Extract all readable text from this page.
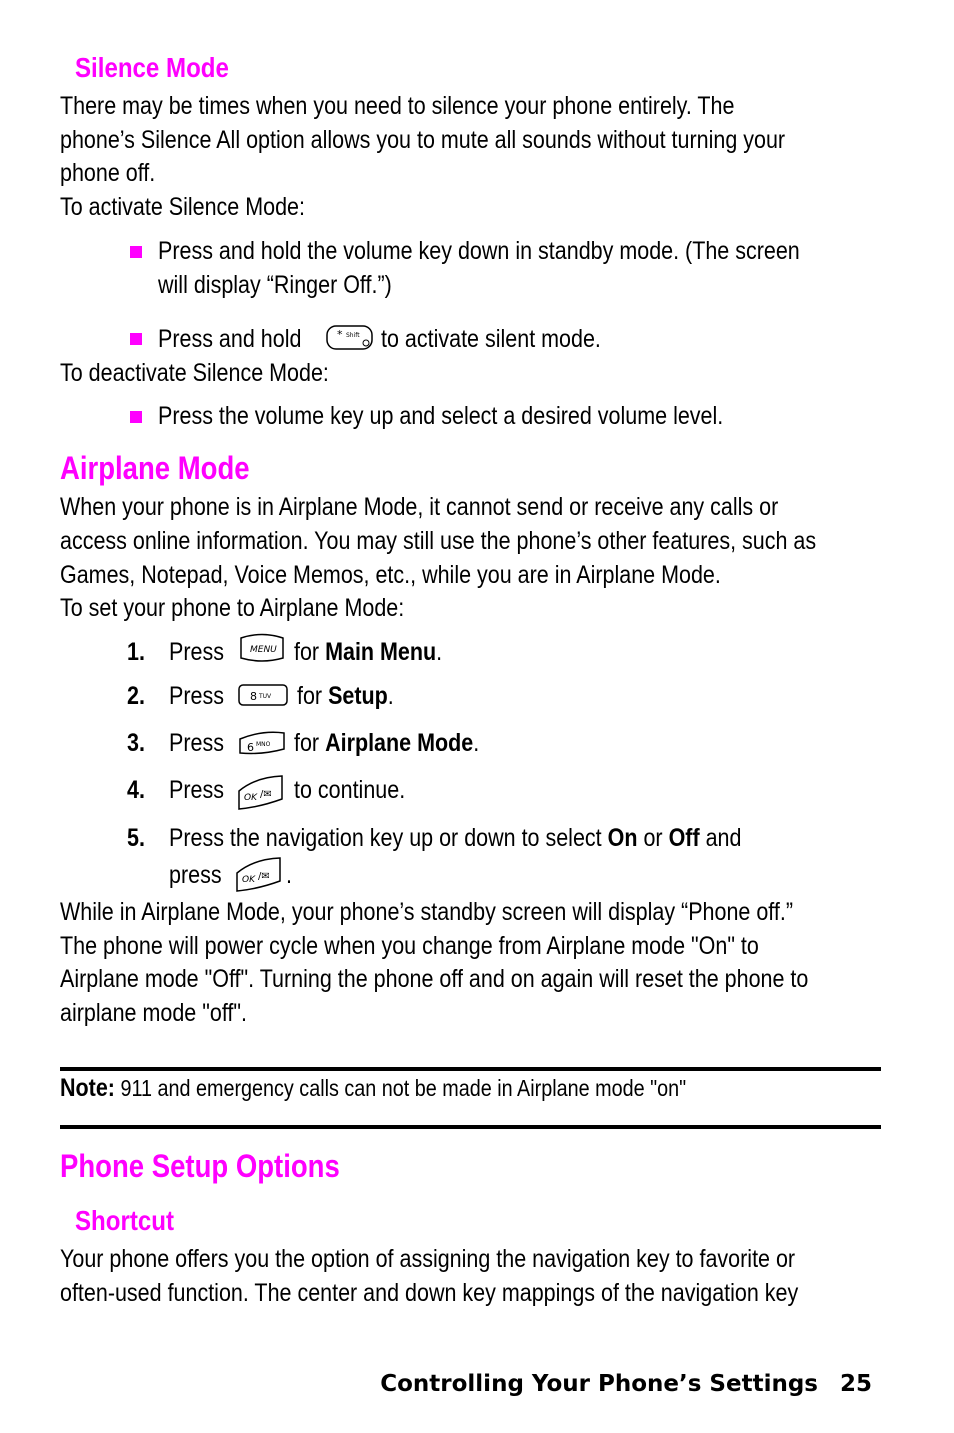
Silence Mode
There may be times when you need to silence your phone entirely. The
phone’s Silence All option allows you to mute all sounds without turning your
phone off.
To activate Silence Mode:
Press and hold the volume key down in standby mode. (The screen
will display “Ringer Off.”)
Press and hold	* Shift to activate silent mode.
To deactivate Silence Mode:
Press the volume key up and select a desired volume level.
Airplane Mode
When your phone is in Airplane Mode, it cannot send or receive any calls or
access online information. You may still use the phone’s other features, such as
Games, Notepad, Voice Memos, etc., while you are in Airplane Mode.
To set your phone to Airplane Mode:
1. Press	MENU for Main Menu.
2. Press 8 TUV for Setup.
3. Press 6 MNO for Airplane Mode.
4. Press OK /✉ to continue.
5. Press the navigation key up or down to select On or Off and
press OK /✉ .
While in Airplane Mode, your phone’s standby screen will display “Phone off.”
The phone will power cycle when you change from Airplane mode "On" to
Airplane mode "Off". Turning the phone off and on again will reset the phone to
airplane mode "off".
Note: 911 and emergency calls can not be made in Airplane mode "on"
Phone Setup Options
Shortcut
Your phone offers you the option of assigning the navigation key to favorite or
often-used function. The center and down key mappings of the navigation key
Controlling Your Phone’s Settings 25
